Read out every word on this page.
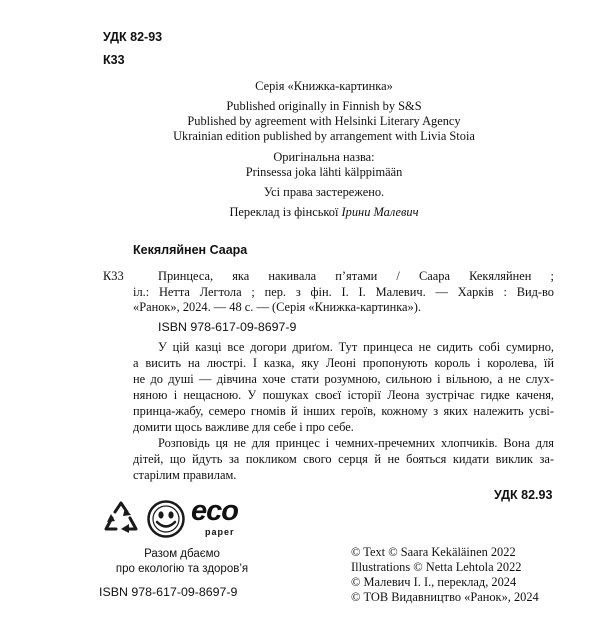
УДК 82-93
К33
Серія «Книжка-картинка»
Published originally in Finnish by S&S
Published by agreement with Helsinki Literary Agency
Ukrainian edition published by arrangement with Livia Stoia
Оригінальна назва:
Prinsessa joka lähti kälppimään
Усі права застережено.
Переклад із фінської Ірини Малевич
Кекяляйнен Саара
К33	Принцеса, яка накивала п’ятами / Саара Кекяляйнен ;
іл.: Нетта Легтола ; пер. з фін. І. І. Малевич. — Харків : Вид-во
«Ранок», 2024. — 48 с. — (Серія «Книжка-картинка»).
ISBN 978-617-09-8697-9
У цій казці все догори дриґом. Тут принцеса не сидить собі сумирно,
а висить на люстрі. І казка, яку Леоні пропонують король і королева, їй
не до душі — дівчина хоче стати розумною, сильною і вільною, а не слух-
няною і нещасною. У пошуках своєї історії Леона зустрічає гидке каченя,
принца-жабу, семеро гномів й інших героїв, кожному з яких належить усві-
домити щось важливе для себе і про себе.
Розповідь ця не для принцес і чемних-пречемних хлопчиків. Вона для
дітей, що йдуть за покликом свого серця й не бояться кидати виклик за-
старілим правилам.
УДК 82.93
eco
paper
Разом дбаємо
про екологію та здоров’я
ISBN 978-617-09-8697-9
© Text © Saara Kekäläinen 2022
Illustrations © Netta Lehtola 2022
© Малевич І. І., переклад, 2024
© ТОВ Видавництво «Ранок», 2024
